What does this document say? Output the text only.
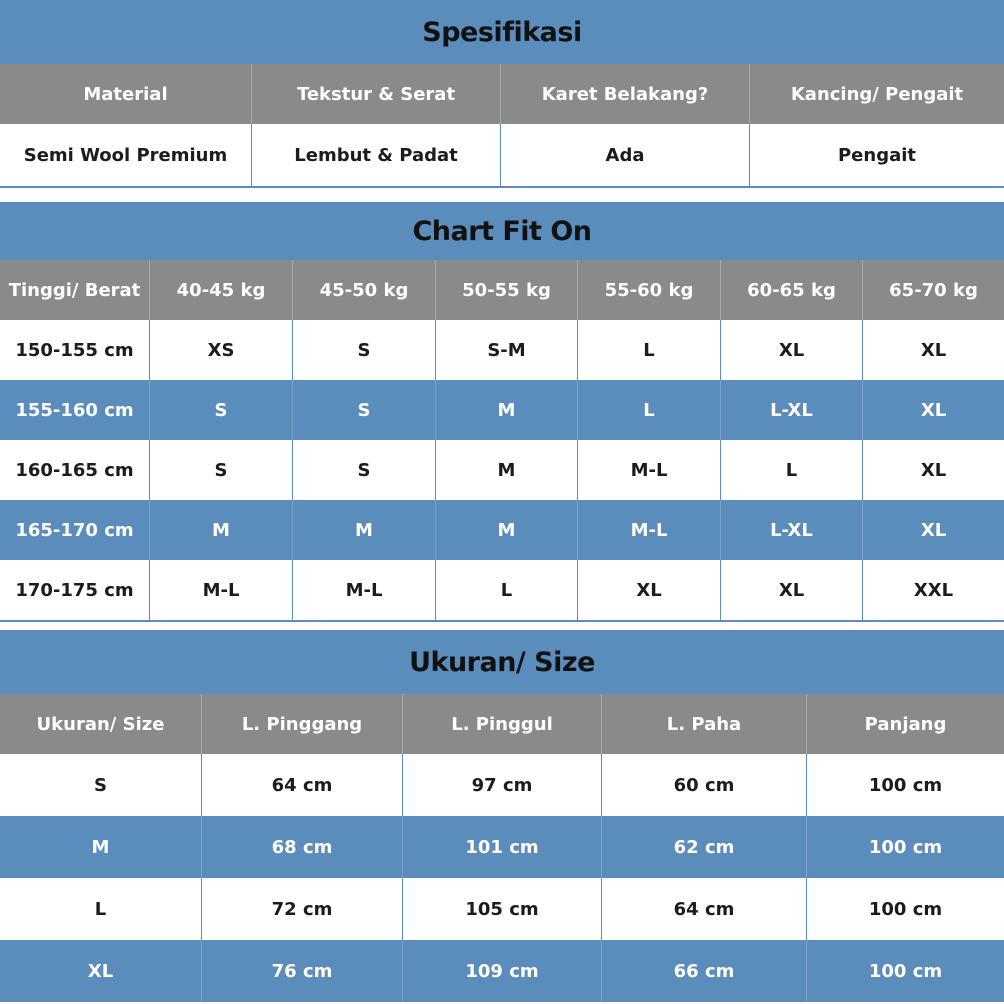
Spesifikasi
Material	Tekstur & Serat	Karet Belakang?	Kancing/ Pengait
Semi Wool Premium	Lembut & Padat	Ada	Pengait
Chart Fit On
Tinggi/ Berat	40-45 kg	45-50 kg	50-55 kg	55-60 kg	60-65 kg	65-70 kg
150-155 cm	XS	S	S-M	L	XL	XL
155-160 cm	S	S	M	L	L-XL	XL
160-165 cm	S	S	M	M-L	L	XL
165-170 cm	M	M	M	M-L	L-XL	XL
170-175 cm	M-L	M-L	L	XL	XL	XXL
Ukuran/ Size
Ukuran/ Size	L. Pinggang	L. Pinggul	L. Paha	Panjang
S	64 cm	97 cm	60 cm	100 cm
M	68 cm	101 cm	62 cm	100 cm
L	72 cm	105 cm	64 cm	100 cm
XL	76 cm	109 cm	66 cm	100 cm
